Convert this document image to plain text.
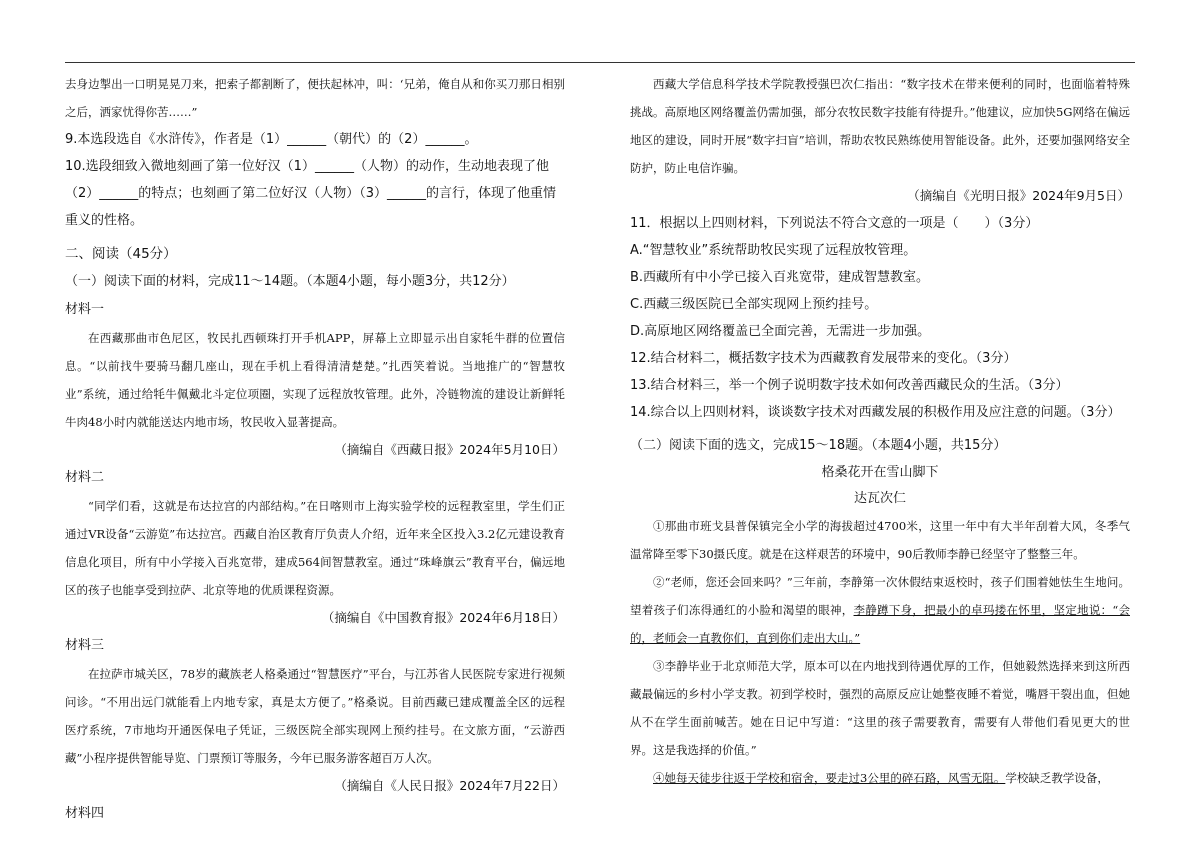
去身边掣出一口明晃晃刀来，把索子都割断了，便扶起林冲，叫：‘兄弟，俺自从和你买刀那日相别之后，洒家忧得你苦……”

9.本选段选自《水浒传》，作者是（1）______（朝代）的（2）______。

10.选段细致入微地刻画了第一位好汉（1）______（人物）的动作，生动地表现了他（2）______的特点；也刻画了第二位好汉（人物）（3）______的言行，体现了他重情重义的性格。

二、阅读（45分）

（一）阅读下面的材料，完成11～14题。（本题4小题，每小题3分，共12分）

材料一

在西藏那曲市色尼区，牧民扎西顿珠打开手机APP，屏幕上立即显示出自家牦牛群的位置信息。“以前找牛要骑马翻几座山，现在手机上看得清清楚楚。”扎西笑着说。当地推广的“智慧牧业”系统，通过给牦牛佩戴北斗定位项圈，实现了远程放牧管理。此外，冷链物流的建设让新鲜牦牛肉48小时内就能送达内地市场，牧民收入显著提高。

（摘编自《西藏日报》2024年5月10日）

材料二

“同学们看，这就是布达拉宫的内部结构。”在日喀则市上海实验学校的远程教室里，学生们正通过VR设备“云游览”布达拉宫。西藏自治区教育厅负责人介绍，近年来全区投入3.2亿元建设教育信息化项目，所有中小学接入百兆宽带，建成564间智慧教室。通过“珠峰旗云”教育平台，偏远地区的孩子也能享受到拉萨、北京等地的优质课程资源。

（摘编自《中国教育报》2024年6月18日）

材料三

在拉萨市城关区，78岁的藏族老人格桑通过“智慧医疗”平台，与江苏省人民医院专家进行视频问诊。“不用出远门就能看上内地专家，真是太方便了。”格桑说。目前西藏已建成覆盖全区的远程医疗系统，7市地均开通医保电子凭证，三级医院全部实现网上预约挂号。在文旅方面，“云游西藏”小程序提供智能导览、门票预订等服务，今年已服务游客超百万人次。

（摘编自《人民日报》2024年7月22日）

材料四

西藏大学信息科学技术学院教授强巴次仁指出：“数字技术在带来便利的同时，也面临着特殊挑战。高原地区网络覆盖仍需加强，部分农牧民数字技能有待提升。”他建议，应加快5G网络在偏远地区的建设，同时开展“数字扫盲”培训，帮助农牧民熟练使用智能设备。此外，还要加强网络安全防护，防止电信诈骗。

（摘编自《光明日报》2024年9月5日）

11．根据以上四则材料，下列说法不符合文意的一项是（　　）（3分）

A.“智慧牧业”系统帮助牧民实现了远程放牧管理。

B.西藏所有中小学已接入百兆宽带，建成智慧教室。

C.西藏三级医院已全部实现网上预约挂号。

D.高原地区网络覆盖已全面完善，无需进一步加强。

12.结合材料二，概括数字技术为西藏教育发展带来的变化。（3分）

13.结合材料三，举一个例子说明数字技术如何改善西藏民众的生活。（3分）

14.综合以上四则材料，谈谈数字技术对西藏发展的积极作用及应注意的问题。（3分）

（二）阅读下面的选文，完成15～18题。（本题4小题，共15分）

格桑花开在雪山脚下

达瓦次仁

①那曲市班戈县普保镇完全小学的海拔超过4700米，这里一年中有大半年刮着大风，冬季气温常降至零下30摄氏度。就是在这样艰苦的环境中，90后教师李静已经坚守了整整三年。

②“老师，您还会回来吗？”三年前，李静第一次休假结束返校时，孩子们围着她怯生生地问。望着孩子们冻得通红的小脸和渴望的眼神，李静蹲下身，把最小的卓玛搂在怀里，坚定地说：“会的，老师会一直教你们，直到你们走出大山。”

③李静毕业于北京师范大学，原本可以在内地找到待遇优厚的工作，但她毅然选择来到这所西藏最偏远的乡村小学支教。初到学校时，强烈的高原反应让她整夜睡不着觉，嘴唇干裂出血，但她从不在学生面前喊苦。她在日记中写道：“这里的孩子需要教育，需要有人带他们看见更大的世界。这是我选择的价值。”

④她每天徒步往返于学校和宿舍，要走过3公里的碎石路，风雪无阻。学校缺乏教学设备，
